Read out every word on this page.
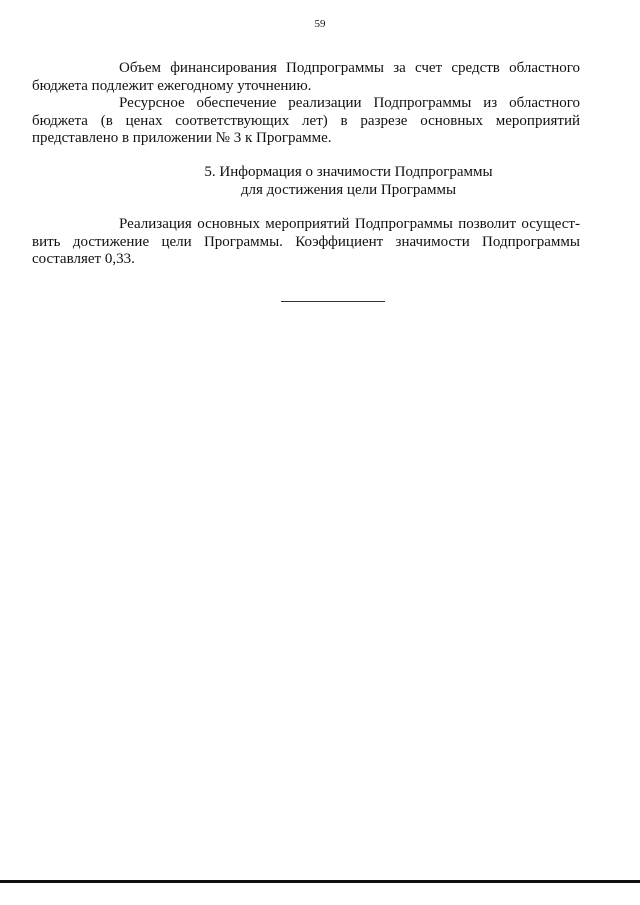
59
Объем финансирования Подпрограммы за счет средств областного
бюджета подлежит ежегодному уточнению.
Ресурсное обеспечение реализации Подпрограммы из областного
бюджета (в ценах соответствующих лет) в разрезе основных мероприятий
представлено в приложении № 3 к Программе.
5. Информация о значимости Подпрограммы
для достижения цели Программы
Реализация основных мероприятий Подпрограммы позволит осущест-
вить достижение цели Программы. Коэффициент значимости Подпрограммы
составляет 0,33.
